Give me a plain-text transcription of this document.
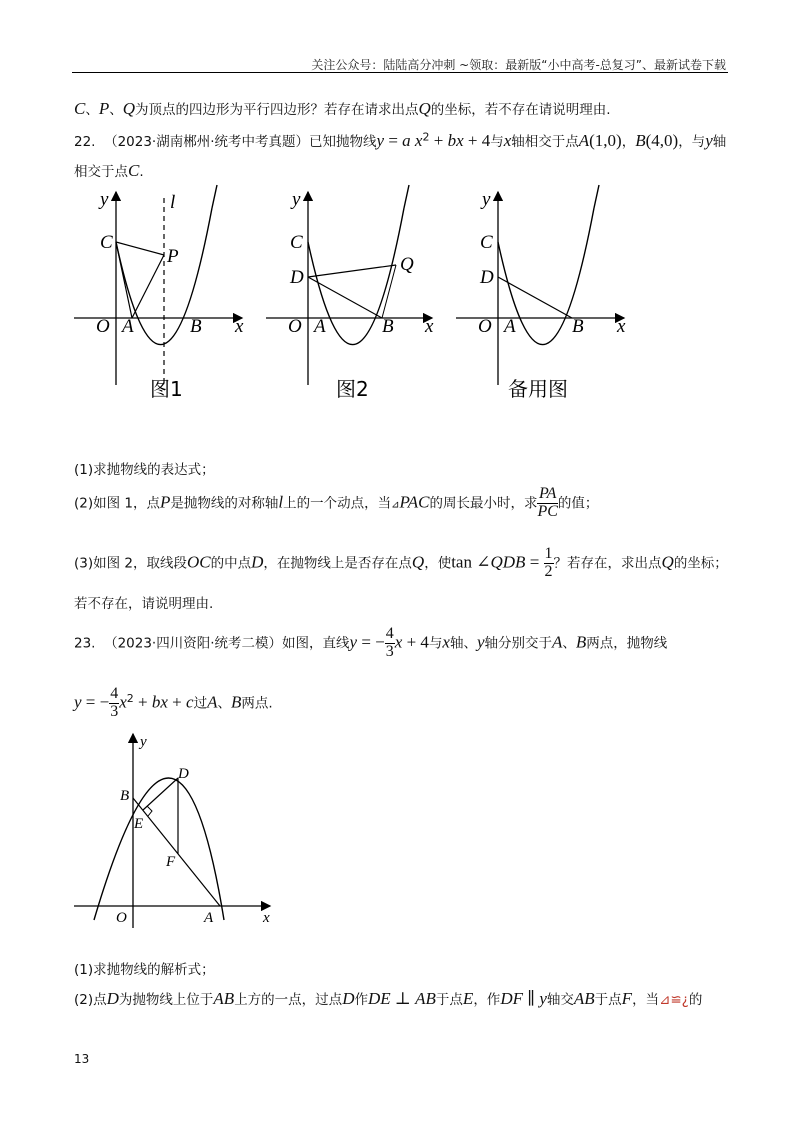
关注公众号：陆陆高分冲刺 ~领取：最新版“小中高考-总复习”、最新试卷下载
C、P、Q为顶点的四边形为平行四边形？若存在请求出点Q的坐标，若不存在请说明理由.
22. （2023·湖南郴州·统考中考真题）已知抛物线y = a $x^2$ + bx + 4与x轴相交于点A(1,0)，B(4,0)，与y轴
相交于点C.
y	l
C
P
O A	B x
图1
y
C
D
Q
O A	B x
图2
y
C
D
O A	B x
备用图
(1)求抛物线的表达式；
(2)如图 1，点P是抛物线的对称轴l上的一个动点，当⊿PAC的周长最小时，求 $\frac{PA}{PC}$ 的值；
(3)如图 2，取线段OC的中点D，在抛物线上是否存在点Q，使tan ∠QDB = $\frac{1}{2}$ ？若存在，求出点Q的坐标；
若不存在，请说明理由.
23. （2023·四川资阳·统考二模）如图，直线y = − $\frac{4}{3}$ x + 4与x轴、y轴分别交于A、B两点，抛物线
y = − $\frac{4}{3} x^2$ + bx + c过A、B两点.
y
B
D
E
F
O	A	x
(1)求抛物线的解析式；
(2)点D为抛物线上位于AB上方的一点，过点D作DE ⊥ AB于点E，作DF ∥ y轴交AB于点F，当⊿≌¿的
13
